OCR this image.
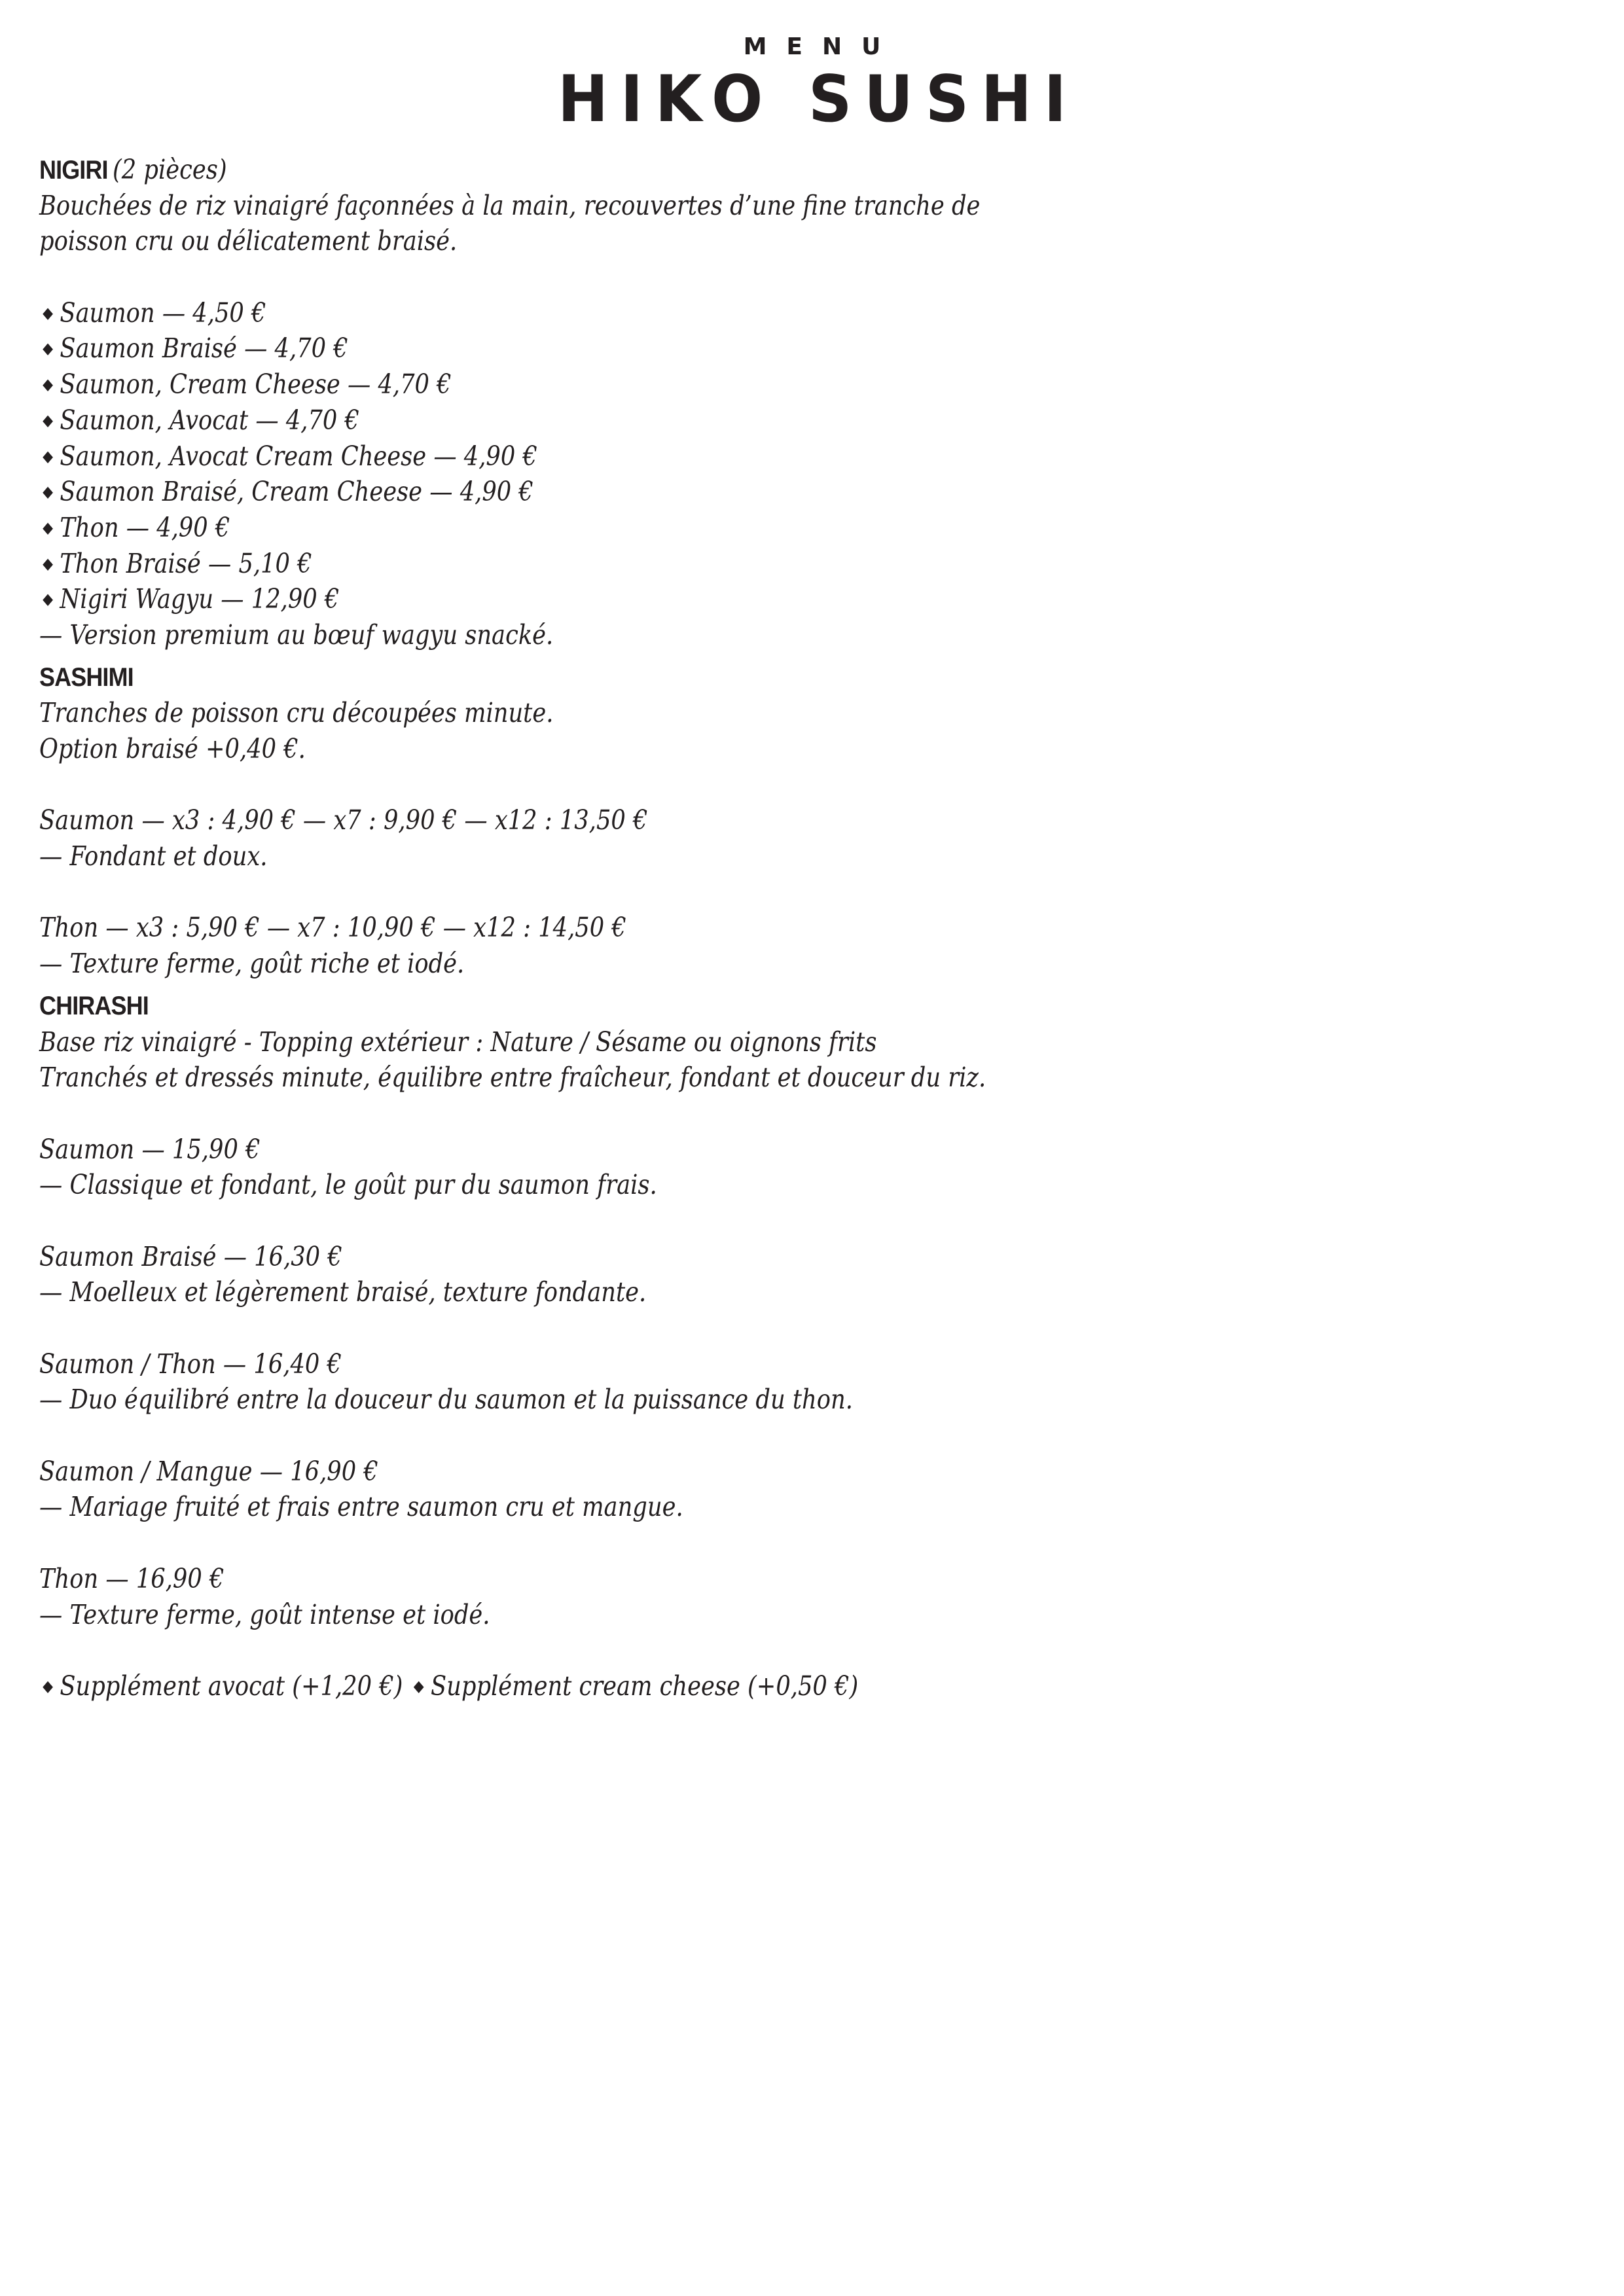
MENU
HIKO SUSHI
NIGIRI (2 pièces)
Bouchées de riz vinaigré façonnées à la main, recouvertes d’une fine tranche de
poisson cru ou délicatement braisé.
◆ Saumon — 4,50 €
◆ Saumon Braisé — 4,70 €
◆ Saumon, Cream Cheese — 4,70 €
◆ Saumon, Avocat — 4,70 €
◆ Saumon, Avocat Cream Cheese — 4,90 €
◆ Saumon Braisé, Cream Cheese — 4,90 €
◆ Thon — 4,90 €
◆ Thon Braisé — 5,10 €
◆ Nigiri Wagyu — 12,90 €
— Version premium au bœuf wagyu snacké.
SASHIMI
Tranches de poisson cru découpées minute.
Option braisé +0,40 €.
Saumon — x3 : 4,90 € — x7 : 9,90 € — x12 : 13,50 €
— Fondant et doux.
Thon — x3 : 5,90 € — x7 : 10,90 € — x12 : 14,50 €
— Texture ferme, goût riche et iodé.
CHIRASHI
Base riz vinaigré - Topping extérieur : Nature / Sésame ou oignons frits
Tranchés et dressés minute, équilibre entre fraîcheur, fondant et douceur du riz.
Saumon — 15,90 €
— Classique et fondant, le goût pur du saumon frais.
Saumon Braisé — 16,30 €
— Moelleux et légèrement braisé, texture fondante.
Saumon / Thon — 16,40 €
— Duo équilibré entre la douceur du saumon et la puissance du thon.
Saumon / Mangue — 16,90 €
— Mariage fruité et frais entre saumon cru et mangue.
Thon — 16,90 €
— Texture ferme, goût intense et iodé.
◆ Supplément avocat (+1,20 €) ◆ Supplément cream cheese (+0,50 €)
